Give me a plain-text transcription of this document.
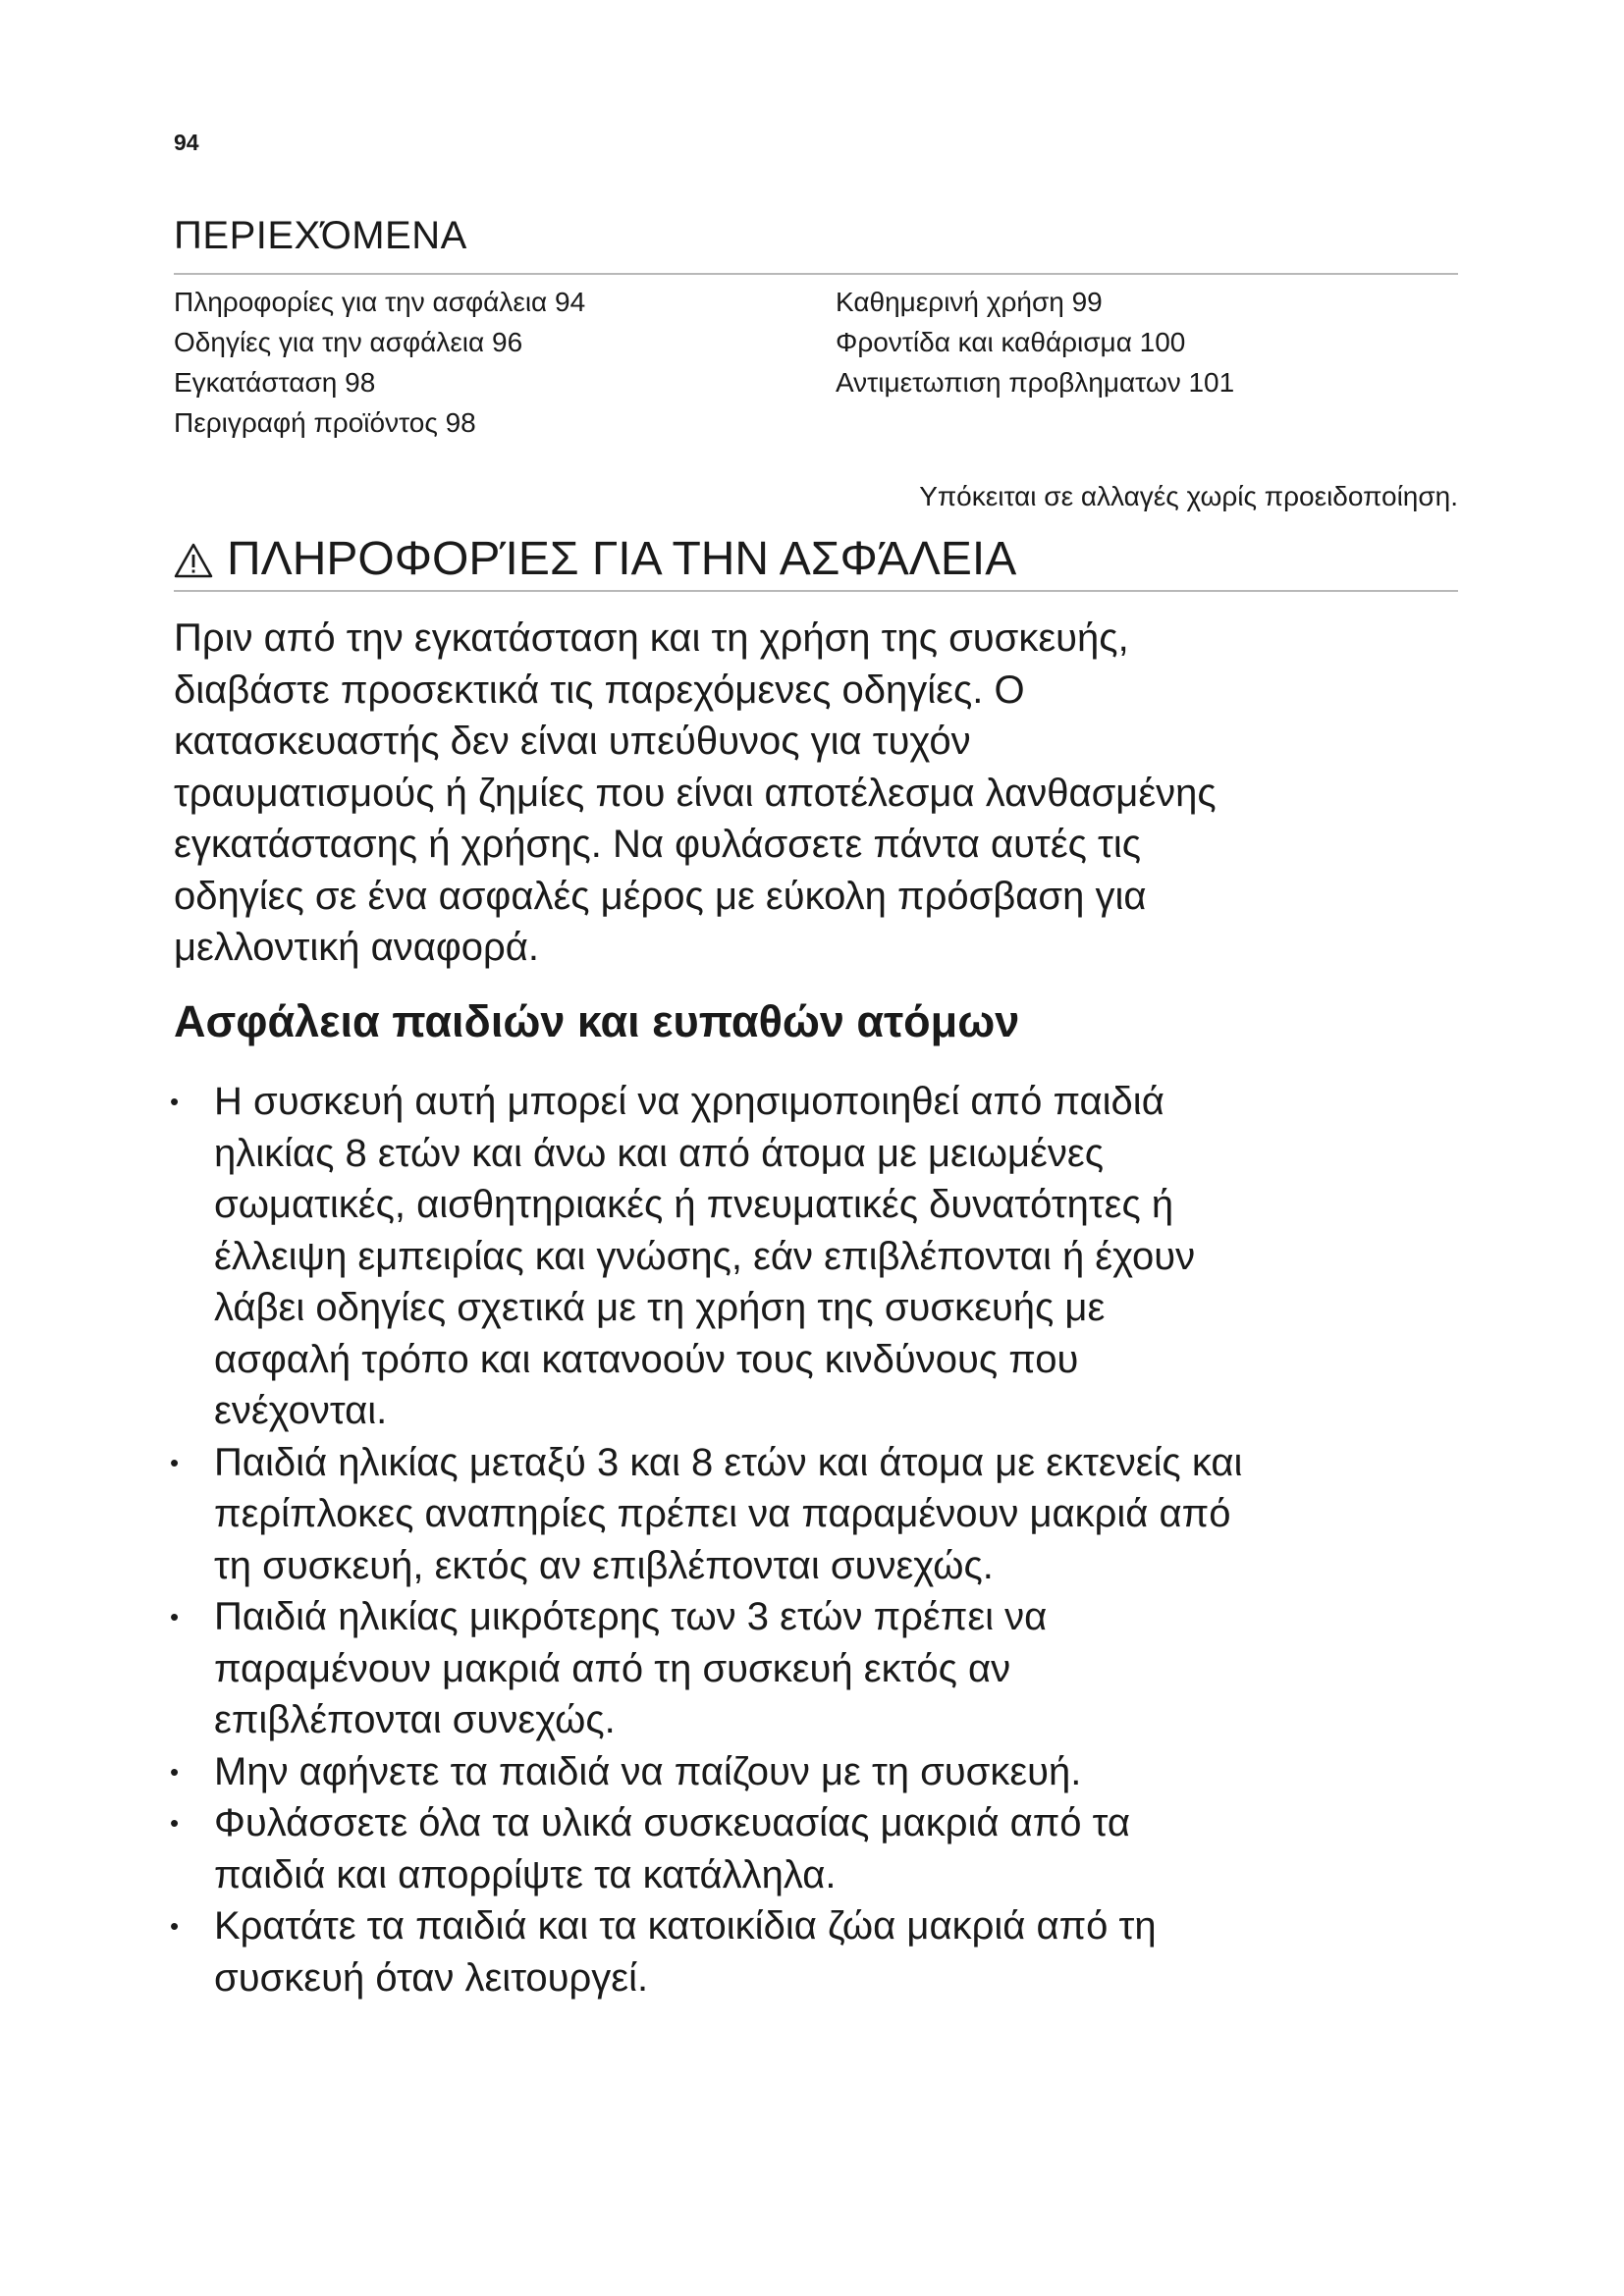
94
ΠΕΡΙΕΧΌΜΕΝΑ
Πληροφορίες για την ασφάλεια 94
Οδηγίες για την ασφάλεια 96
Εγκατάσταση 98
Περιγραφή προϊόντος 98
Καθημερινή χρήση 99
Φροντίδα και καθάρισμα 100
Αντιμετωπιση προβληματων 101
Υπόκειται σε αλλαγές χωρίς προειδοποίηση.
ΠΛΗΡΟΦΟΡΊΕΣ ΓΙΑ ΤΗΝ ΑΣΦΆΛΕΙΑ

Πριν από την εγκατάσταση και τη χρήση της συσκευής,
διαβάστε προσεκτικά τις παρεχόμενες οδηγίες. Ο
κατασκευαστής δεν είναι υπεύθυνος για τυχόν
τραυματισμούς ή ζημίες που είναι αποτέλεσμα λανθασμένης
εγκατάστασης ή χρήσης. Να φυλάσσετε πάντα αυτές τις
οδηγίες σε ένα ασφαλές μέρος με εύκολη πρόσβαση για
μελλοντική αναφορά.

Ασφάλεια παιδιών και ευπαθών ατόμων
• Η συσκευή αυτή μπορεί να χρησιμοποιηθεί από παιδιά
ηλικίας 8 ετών και άνω και από άτομα με μειωμένες
σωματικές, αισθητηριακές ή πνευματικές δυνατότητες ή
έλλειψη εμπειρίας και γνώσης, εάν επιβλέπονται ή έχουν
λάβει οδηγίες σχετικά με τη χρήση της συσκευής με
ασφαλή τρόπο και κατανοούν τους κινδύνους που
ενέχονται.
• Παιδιά ηλικίας μεταξύ 3 και 8 ετών και άτομα με εκτενείς και
περίπλοκες αναπηρίες πρέπει να παραμένουν μακριά από
τη συσκευή, εκτός αν επιβλέπονται συνεχώς.
• Παιδιά ηλικίας μικρότερης των 3 ετών πρέπει να
παραμένουν μακριά από τη συσκευή εκτός αν
επιβλέπονται συνεχώς.
• Μην αφήνετε τα παιδιά να παίζουν με τη συσκευή.
• Φυλάσσετε όλα τα υλικά συσκευασίας μακριά από τα
παιδιά και απορρίψτε τα κατάλληλα.
• Κρατάτε τα παιδιά και τα κατοικίδια ζώα μακριά από τη
συσκευή όταν λειτουργεί.
